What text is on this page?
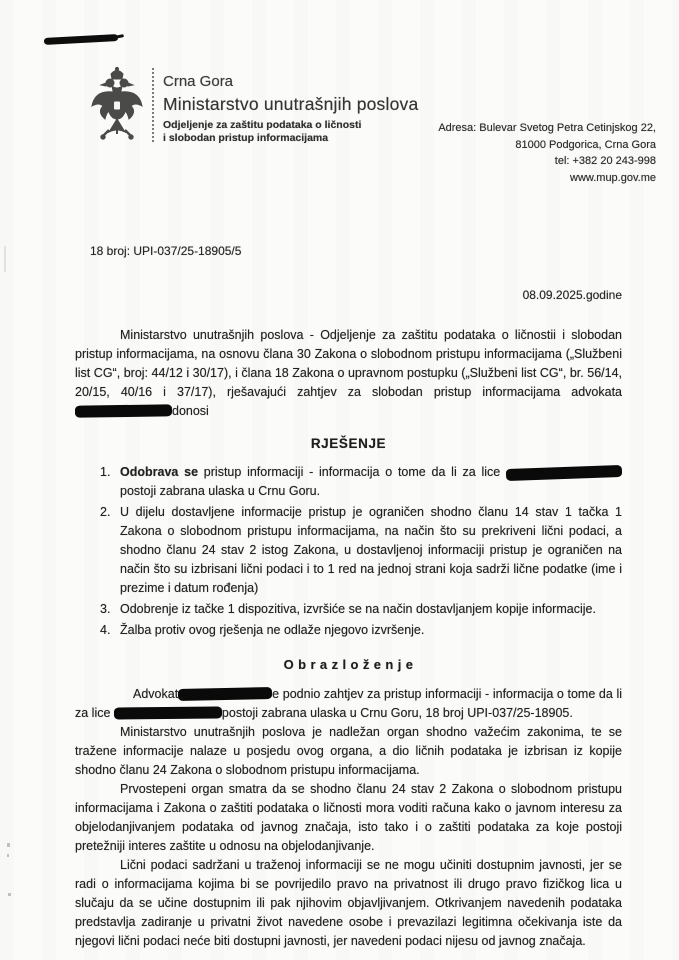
Crna Gora
Ministarstvo unutrašnjih poslova
Odjeljenje za zaštitu podataka o ličnosti
i slobodan pristup informacijama
Adresa: Bulevar Svetog Petra Cetinjskog 22,
81000 Podgorica, Crna Gora
tel: +382 20 243-998
www.mup.gov.me
18 broj: UPI-037/25-18905/5
08.09.2025.godine

Ministarstvo unutrašnjih poslova - Odjeljenje za zaštitu podataka o ličnostii i slobodan pristup informacijama, na osnovu člana 30 Zakona o slobodnom pristupu informacijama („Službeni list CG“, broj: 44/12 i 30/17), i člana 18 Zakona o upravnom postupku („Službeni list CG“, br. 56/14, 20/15, 40/16 i 37/17), rješavajući zahtjev za slobodan pristup informacijama advokata donosi

RJEŠENJE
1. Odobrava se pristup informaciji - informacija o tome da li za lice  postoji zabrana ulaska u Crnu Goru.
2. U dijelu dostavljene informacije pristup je ograničen shodno članu 14 stav 1 tačka 1 Zakona o slobodnom pristupu informacijama, na način što su prekriveni lični podaci, a shodno članu 24 stav 2 istog Zakona, u dostavljenoj informaciji pristup je ograničen na način što su izbrisani lični podaci i to 1 red na jednoj strani koja sadrži lične podatke (ime i prezime i datum rođenja)
3. Odobrenje iz tačke 1 dispozitiva, izvršiće se na način dostavljanjem kopije informacije.
4. Žalba protiv ovog rješenja ne odlaže njegovo izvršenje.
O b r a z l o ž e n j e

Advokat	e podnio zahtjev za pristup informaciji - informacija o tome da li za lice	postoji zabrana ulaska u Crnu Goru, 18 broj UPI-037/25-18905.

Ministarstvo unutrašnjih poslova je nadležan organ shodno važećim zakonima, te se tražene informacije nalaze u posjedu ovog organa, a dio ličnih podataka je izbrisan iz kopije shodno članu 24 Zakona o slobodnom pristupu informacijama.

Prvostepeni organ smatra da se shodno članu 24 stav 2 Zakona o slobodnom pristupu informacijama i Zakona o zaštiti podataka o ličnosti mora voditi računa kako o javnom interesu za objelodanjivanjem podataka od javnog značaja, isto tako i o zaštiti podataka za koje postoji pretežniji interes zaštite u odnosu na objelodanjivanje.

Lični podaci sadržani u traženoj informaciji se ne mogu učiniti dostupnim javnosti, jer se radi o informacijama kojima bi se povrijedilo pravo na privatnost ili drugo pravo fizičkog lica u slučaju da se učine dostupnim ili pak njihovim objavljivanjem. Otkrivanjem navedenih podataka predstavlja zadiranje u privatni život navedene osobe i prevazilazi legitimna očekivanja iste da njegovi lični podaci neće biti dostupni javnosti, jer navedeni podaci nijesu od javnog značaja.
